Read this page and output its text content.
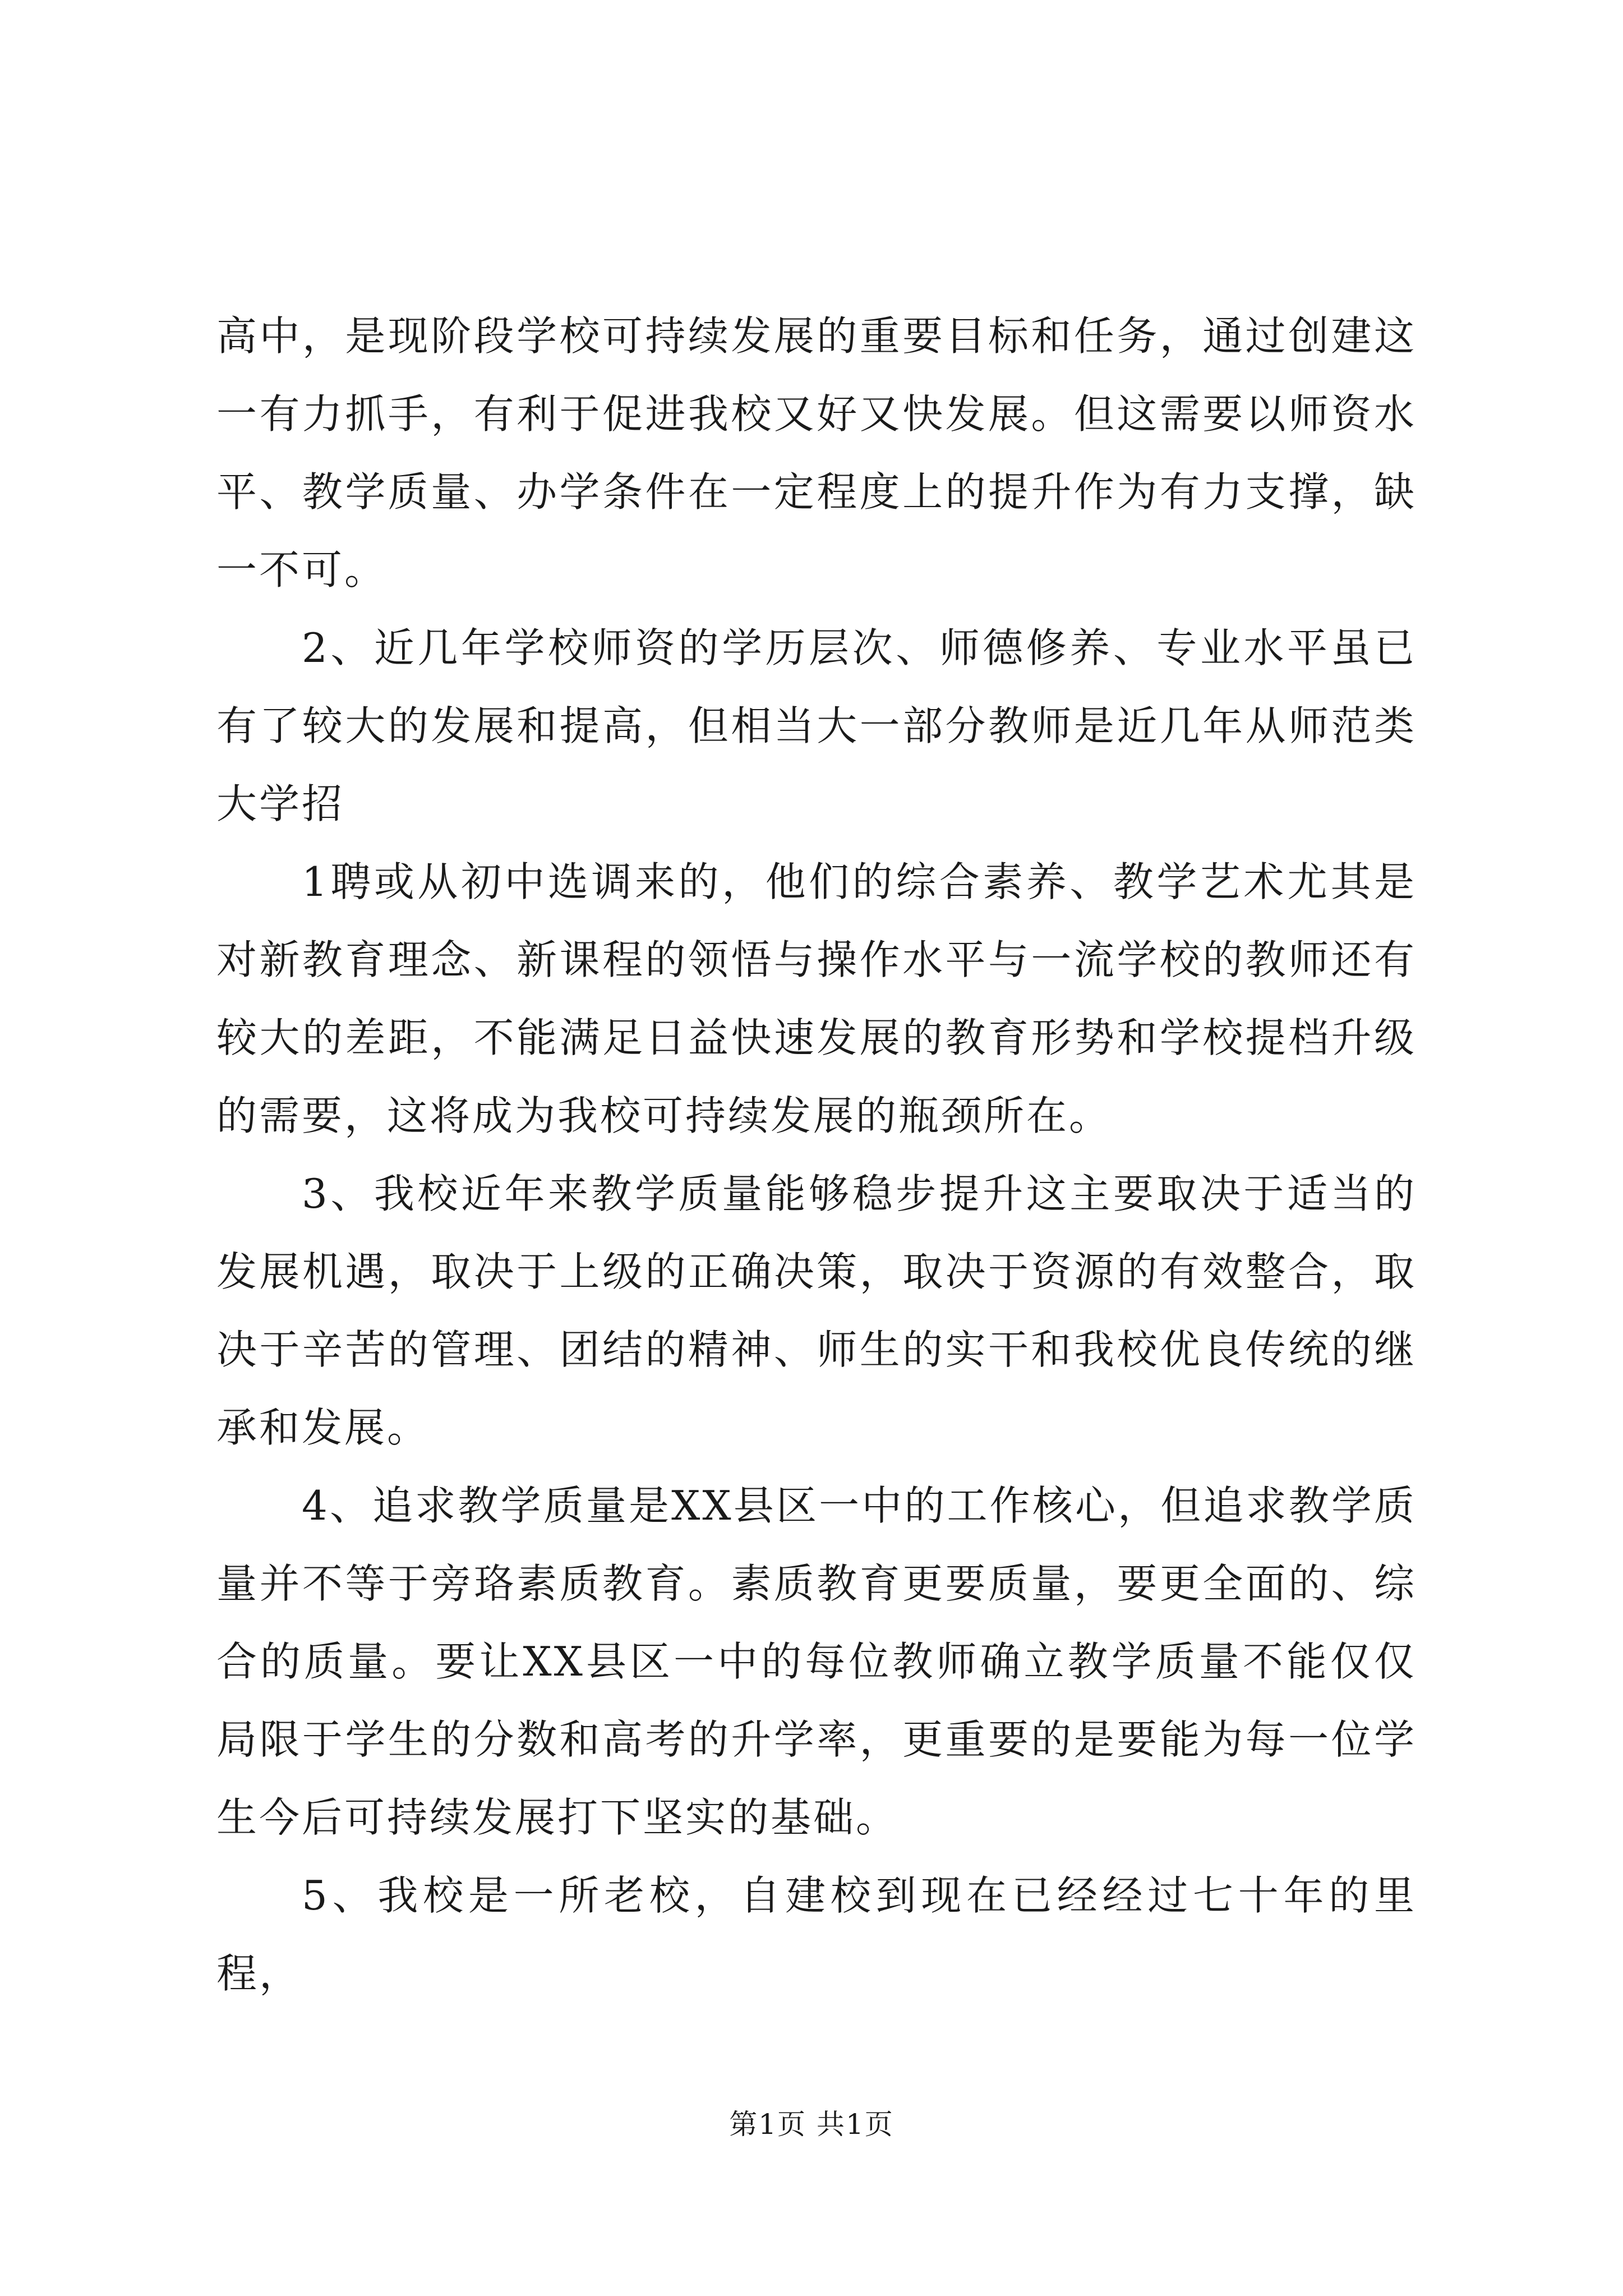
高中，是现阶段学校可持续发展的重要目标和任务，通过创建这一有力抓手，有利于促进我校又好又快发展。但这需要以师资水平、教学质量、办学条件在一定程度上的提升作为有力支撑，缺一不可。

2、近几年学校师资的学历层次、师德修养、专业水平虽已有了较大的发展和提高，但相当大一部分教师是近几年从师范类大学招

1聘或从初中选调来的，他们的综合素养、教学艺术尤其是对新教育理念、新课程的领悟与操作水平与一流学校的教师还有较大的差距，不能满足日益快速发展的教育形势和学校提档升级的需要，这将成为我校可持续发展的瓶颈所在。

3、我校近年来教学质量能够稳步提升这主要取决于适当的发展机遇，取决于上级的正确决策，取决于资源的有效整合，取决于辛苦的管理、团结的精神、师生的实干和我校优良传统的继承和发展。

4、追求教学质量是XX县区一中的工作核心，但追求教学质量并不等于旁珞素质教育。素质教育更要质量，要更全面的、综合的质量。要让XX县区一中的每位教师确立教学质量不能仅仅局限于学生的分数和高考的升学率，更重要的是要能为每一位学生今后可持续发展打下坚实的基础。

5、我校是一所老校，自建校到现在已经经过七十年的里程，

第1页 共1页
